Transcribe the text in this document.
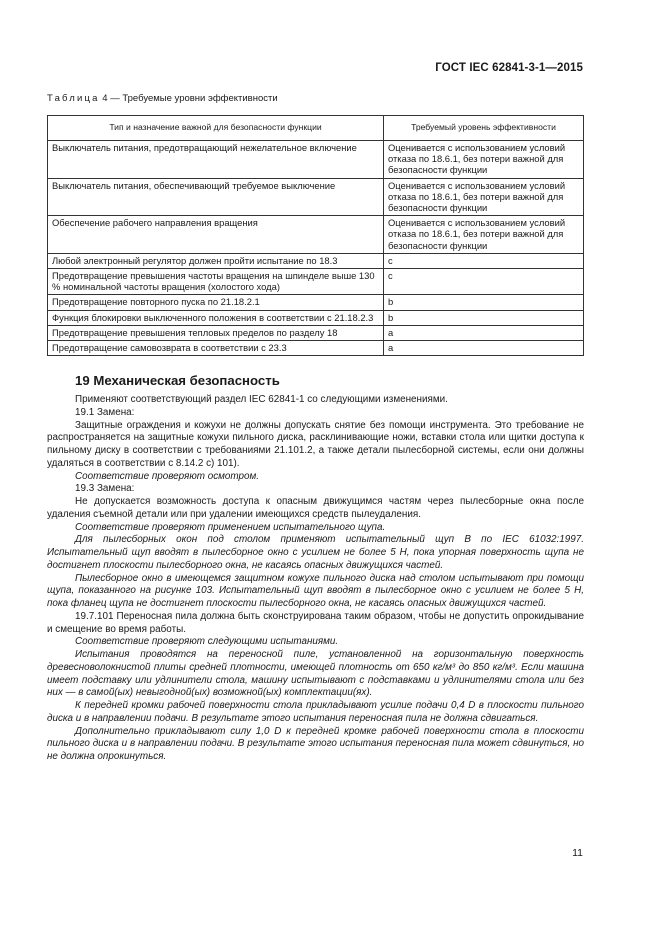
ГОСТ IEC 62841-3-1—2015
Таблица 4 — Требуемые уровни эффективности
Тип и назначение важной для безопасности функции	Требуемый уровень эффективности
Выключатель питания, предотвращающий нежелательное включение	Оценивается с использованием условий отказа по 18.6.1, без потери важной для безопасности функции
Выключатель питания, обеспечивающий требуемое выключение	Оценивается с использованием условий отказа по 18.6.1, без потери важной для безопасности функции
Обеспечение рабочего направления вращения	Оценивается с использованием условий отказа по 18.6.1, без потери важной для безопасности функции
Любой электронный регулятор должен пройти испытание по 18.3	c
Предотвращение превышения частоты вращения на шпинделе выше 130 % номинальной частоты вращения (холостого хода)	c
Предотвращение повторного пуска по 21.18.2.1	b
Функция блокировки выключенного положения в соответствии с 21.18.2.3	b
Предотвращение превышения тепловых пределов по разделу 18	a
Предотвращение самовозврата в соответствии с 23.3	a
19 Механическая безопасность

Применяют соответствующий раздел IEC 62841-1 со следующими изменениями.

19.1 Замена:

Защитные ограждения и кожухи не должны допускать снятие без помощи инструмента. Это требование не распространяется на защитные кожухи пильного диска, расклинивающие ножи, вставки стола или щитки доступа к пильному диску в соответствии с требованиями 21.101.2, а также детали пылесборной системы, если они должны удаляться в соответствии с 8.14.2 с) 101).

Соответствие проверяют осмотром.

19.3 Замена:

Не допускается возможность доступа к опасным движущимся частям через пылесборные окна после удаления съемной детали или при удалении имеющихся средств пылеудаления.

Соответствие проверяют применением испытательного щупа.

Для пылесборных окон под столом применяют испытательный щуп B по IEC 61032:1997. Испытательный щуп вводят в пылесборное окно с усилием не более 5 Н, пока упорная поверхность щупа не достигнет плоскости пылесборного окна, не касаясь опасных движущихся частей.

Пылесборное окно в имеющемся защитном кожухе пильного диска над столом испытывают при помощи щупа, показанного на рисунке 103. Испытательный щуп вводят в пылесборное окно с усилием не более 5 Н, пока фланец щупа не достигнет плоскости пылесборного окна, не касаясь опасных движущихся частей.

19.7.101 Переносная пила должна быть сконструирована таким образом, чтобы не допустить опрокидывание и смещение во время работы.

Соответствие проверяют следующими испытаниями.

Испытания проводятся на переносной пиле, установленной на горизонтальную поверхность древесноволокнистой плиты средней плотности, имеющей плотность от 650 кг/м³ до 850 кг/м³. Если машина имеет подставку или удлинители стола, машину испытывают с подставками и удлинителями стола или без них — в самой(ых) невыгодной(ых) возможной(ых) комплектации(ях).

К передней кромки рабочей поверхности стола прикладывают усилие подачи 0,4 D в плоскости пильного диска и в направлении подачи. В результате этого испытания переносная пила не должна сдвигаться.

Дополнительно прикладывают силу 1,0 D к передней кромке рабочей поверхности стола в плоскости пильного диска и в направлении подачи. В результате этого испытания переносная пила может сдвинуться, но не должна опрокинуться.

11
